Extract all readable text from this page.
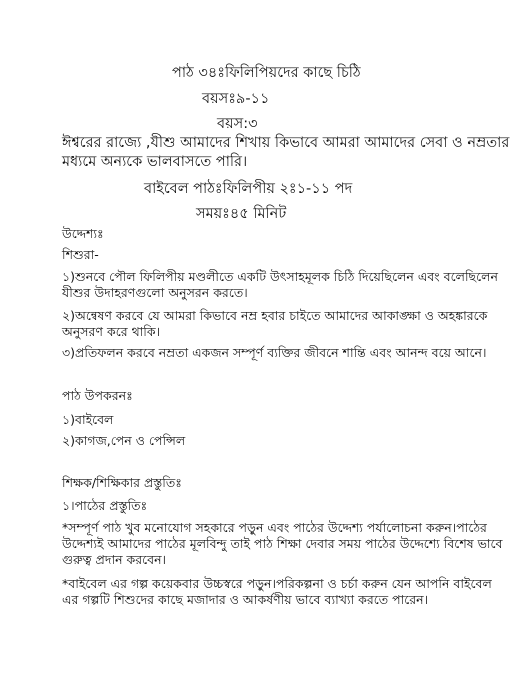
পাঠ ৩৪ঃফিলিপিয়দের কাছে চিঠি
বয়সঃ৯-১১
বয়স:৩
ঈশ্বরের রাজ্যে ,যীশু আমাদের শিখায় কিভাবে আমরা আমাদের সেবা ও নম্রতার
মধ্যমে অন্যকে ভালবাসতে পারি।
বাইবেল পাঠঃফিলিপীয় ২ঃ১-১১ পদ
সময়ঃ৪৫ মিনিট
উদ্দেশ্যঃ
শিশুরা-
১)শুনবে পৌল ফিলিপীয় মণ্ডলীতে একটি উৎসাহমূলক চিঠি দিয়েছিলেন এবং বলেছিলেন
যীশুর উদাহরণগুলো অনুসরন করতে।
২)অন্বেষণ করবে যে আমরা কিভাবে নম্র হবার চাইতে আমাদের আকাঙ্ক্ষা ও অহঙ্কারকে
অনুসরণ করে থাকি।
৩)প্রতিফলন করবে নম্রতা একজন সম্পূর্ণ ব্যক্তির জীবনে শান্তি এবং আনন্দ বয়ে আনে।
পাঠ উপকরনঃ
১)বাইবেল
২)কাগজ,পেন ও পেন্সিল
শিক্ষক/শিক্ষিকার প্রস্তুতিঃ
১।পাঠের প্রস্তুতিঃ
*সম্পূর্ণ পাঠ খুব মনোযোগ সহকারে পড়ুন এবং পাঠের উদ্দেশ্য পর্যালোচনা করুন।পাঠের
উদ্দেশ্যই আমাদের পাঠের মূলবিন্দু তাই পাঠ শিক্ষা দেবার সময় পাঠের উদ্দেশ্যে বিশেষ ভাবে
গুরুত্ব প্রদান করবেন।
*বাইবেল এর গল্প কয়েকবার উচ্চস্বরে পড়ুন।পরিকল্পনা ও চর্চা করুন যেন আপনি বাইবেল
এর গল্পটি শিশুদের কাছে মজাদার ও আকর্ষণীয় ভাবে ব্যাখ্যা করতে পারেন।
